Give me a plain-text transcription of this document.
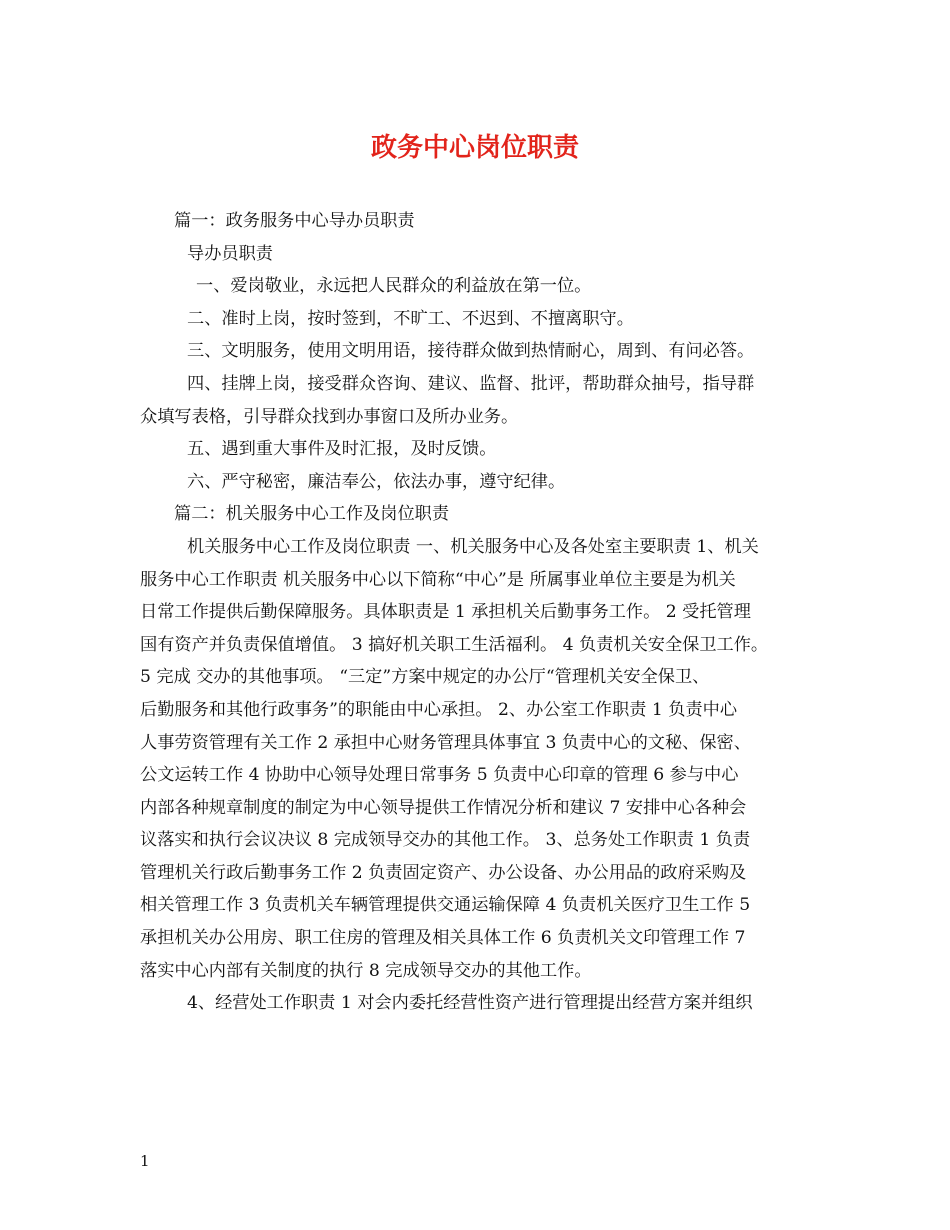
政务中心岗位职责
篇一：政务服务中心导办员职责
导办员职责
一、爱岗敬业，永远把人民群众的利益放在第一位。
二、准时上岗，按时签到，不旷工、不迟到、不擅离职守。
三、文明服务，使用文明用语，接待群众做到热情耐心，周到、有问必答。
四、挂牌上岗，接受群众咨询、建议、监督、批评，帮助群众抽号，指导群
众填写表格，引导群众找到办事窗口及所办业务。
五、遇到重大事件及时汇报，及时反馈。
六、严守秘密，廉洁奉公，依法办事，遵守纪律。
篇二：机关服务中心工作及岗位职责
机关服务中心工作及岗位职责 一、机关服务中心及各处室主要职责 1、机关
服务中心工作职责 机关服务中心以下简称“中心”是 所属事业单位主要是为机关
日常工作提供后勤保障服务。具体职责是 1 承担机关后勤事务工作。 2 受托管理
国有资产并负责保值增值。 3 搞好机关职工生活福利。 4 负责机关安全保卫工作。
5 完成 交办的其他事项。 “三定”方案中规定的办公厅“管理机关安全保卫、
后勤服务和其他行政事务”的职能由中心承担。 2、办公室工作职责 1 负责中心
人事劳资管理有关工作 2 承担中心财务管理具体事宜 3 负责中心的文秘、保密、
公文运转工作 4 协助中心领导处理日常事务 5 负责中心印章的管理 6 参与中心
内部各种规章制度的制定为中心领导提供工作情况分析和建议 7 安排中心各种会
议落实和执行会议决议 8 完成领导交办的其他工作。 3、总务处工作职责 1 负责
管理机关行政后勤事务工作 2 负责固定资产、办公设备、办公用品的政府采购及
相关管理工作 3 负责机关车辆管理提供交通运输保障 4 负责机关医疗卫生工作 5
承担机关办公用房、职工住房的管理及相关具体工作 6 负责机关文印管理工作 7
落实中心内部有关制度的执行 8 完成领导交办的其他工作。
4、经营处工作职责 1 对会内委托经营性资产进行管理提出经营方案并组织
1
